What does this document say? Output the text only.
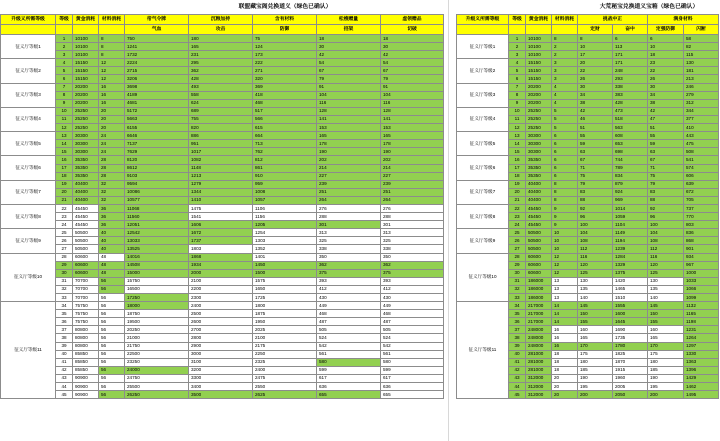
				联盟藏宝阁兑换道义（绿色已确认）				
升级义所需等级	等级	黄金消耗	材料消耗	帝气令牌	沉粮加持	含有材料	松樵赠量	虚领赠品
				气血	攻击	防御	招架	切破
征义厅等级1	1	10100	8	750	180	75	18	18
	2	10100	8	1241	165	124	30	30
	3	10100	8	1732	231	173	42	42
征义厅等级2	4	15150	12	2224	295	222	54	54
	5	15150	12	2715	362	271	67	67
	6	15150	12	3206	428	320	79	79
征义厅等级3	7	20200	16	3698	493	369	91	91
	8	20200	16	4189	558	418	104	104
	9	20200	16	4681	624	468	116	116
征义厅等级4	10	25250	20	5172	689	517	128	128
	11	25250	20	5663	755	566	141	141
	12	25250	20	6155	820	615	153	153
征义厅等级5	13	30300	24	6646	886	664	165	165
	14	30300	24	7137	951	713	178	178
	15	30300	24	7629	1017	762	190	190
征义厅等级6	16	35350	28	8120	1082	812	202	202
	17	35350	28	8612	1148	861	214	214
	18	35350	28	9103	1213	910	227	227
征义厅等级7	19	40400	32	9594	1279	959	239	239
	20	40400	32	10086	1344	1008	251	251
	21	40400	32	10577	1410	1057	264	264
征义厅等级8	22	45450	36	11068	1475	1106	276	276
	23	45450	36	11560	1541	1156	288	288
	24	45450	36	12051	1606	1205	301	301
征义厅等级9	25	50500	40	12542	1672	1254	313	313
	26	50500	40	13033	1737	1303	325	325
	27	50500	40	13525	1803	1352	338	338
征义厅等级10	28	60600	48	14016	1868	1401	350	350
	29	60600	48	14508	1934	1450	362	362
	30	60600	48	15000	2000	1500	375	375
	31	70700	56	15750	2100	1575	393	393
	32	70700	56	16500	2200	1650	412	412
	33	70700	56	17250	2300	1725	430	430
征义厅等级11	34	75750	56	18000	2400	1800	449	449
	35	75750	56	18750	2500	1875	468	468
	36	75750	56	19500	2600	1950	487	487
	37	80800	56	20250	2700	2025	505	505
	38	80800	56	21000	2800	2100	524	524
	39	80800	56	21750	2900	2175	542	542
	40	85850	56	22500	3000	2250	561	561
	41	85850	56	23250	3100	2325	580	580
	42	85850	56	24000	3200	2400	599	599
	43	90900	56	24750	3300	2475	617	617
	44	90900	56	25500	3400	2550	636	636
	45	90900	56	26250	3500	2625	655	655
				大荒秘宝兑换道义宝箱（绿色已确认）			
升级义所需等级	等级	黄金消耗	材料消耗	挑战中正		满身材料	
				定财	奋中	定强防御	闪断
征义厅等级1	1	10100	8	8	6	6	58
	2	10100	2	10	113	10	82
	3	10100	2	17	171	18	115
征义厅等级2	4	15150	3	20	171	23	130
	5	15150	3	22	248	22	181
	6	15150	3	26	293	26	213
征义厅等级3	7	20200	4	30	338	30	246
	8	20200	4	34	383	34	279
	9	20200	4	38	428	38	312
征义厅等级4	10	25250	5	42	473	42	344
	11	25250	5	46	518	47	377
	12	25250	5	51	563	51	410
征义厅等级5	13	30300	6	55	608	55	443
	14	30300	6	59	653	59	475
	15	30300	6	63	698	63	508
征义厅等级6	16	35350	6	67	744	67	541
	17	35350	6	71	789	71	574
	18	35350	6	75	834	75	606
征义厅等级7	19	40400	8	79	879	79	639
	20	40400	8	83	924	83	672
	21	40400	8	88	969	88	705
征义厅等级8	22	45450	9	92	1014	92	737
	23	45450	9	96	1059	96	770
	24	45450	9	100	1104	100	803
征义厅等级9	25	50500	10	104	1149	104	836
	26	50500	10	108	1194	108	868
	27	50500	10	112	1239	112	901
征义厅等级10	28	60600	12	116	1284	116	934
	29	60600	12	120	1329	120	967
	30	60600	12	125	1375	125	1000
	31	186000	13	130	1420	130	1033
	32	186000	13	135	1465	135	1066
	33	186000	13	140	1510	140	1099
征义厅等级11	34	217000	14	145	1555	145	1132
	35	217000	14	150	1600	150	1165
	36	217000	14	155	1645	155	1198
	37	248000	16	160	1690	160	1231
	38	248000	16	165	1735	165	1264
	39	248000	16	170	1780	170	1297
	40	281000	18	175	1825	175	1330
	41	281000	18	180	1870	180	1363
	42	281000	18	185	1915	185	1396
	43	312000	20	190	1960	190	1429
	44	312000	20	195	2005	195	1462
	45	312000	20	200	2050	200	1495
